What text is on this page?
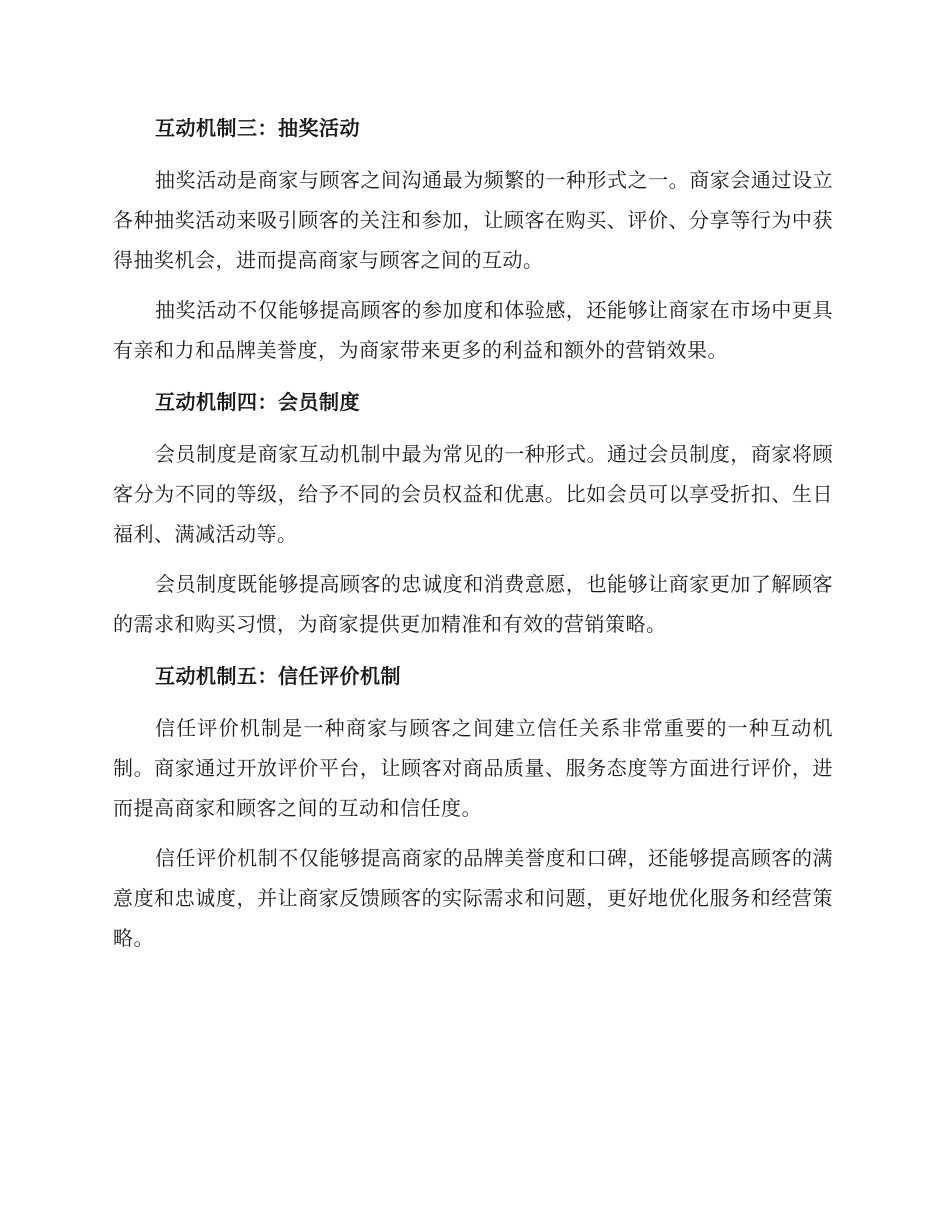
互动机制三：抽奖活动

抽奖活动是商家与顾客之间沟通最为频繁的一种形式之一。商家会通过设立各种抽奖活动来吸引顾客的关注和参加，让顾客在购买、评价、分享等行为中获得抽奖机会，进而提高商家与顾客之间的互动。

抽奖活动不仅能够提高顾客的参加度和体验感，还能够让商家在市场中更具有亲和力和品牌美誉度，为商家带来更多的利益和额外的营销效果。

互动机制四：会员制度

会员制度是商家互动机制中最为常见的一种形式。通过会员制度，商家将顾客分为不同的等级，给予不同的会员权益和优惠。比如会员可以享受折扣、生日福利、满减活动等。

会员制度既能够提高顾客的忠诚度和消费意愿，也能够让商家更加了解顾客的需求和购买习惯，为商家提供更加精准和有效的营销策略。

互动机制五：信任评价机制

信任评价机制是一种商家与顾客之间建立信任关系非常重要的一种互动机制。商家通过开放评价平台，让顾客对商品质量、服务态度等方面进行评价，进而提高商家和顾客之间的互动和信任度。

信任评价机制不仅能够提高商家的品牌美誉度和口碑，还能够提高顾客的满意度和忠诚度，并让商家反馈顾客的实际需求和问题，更好地优化服务和经营策略。
